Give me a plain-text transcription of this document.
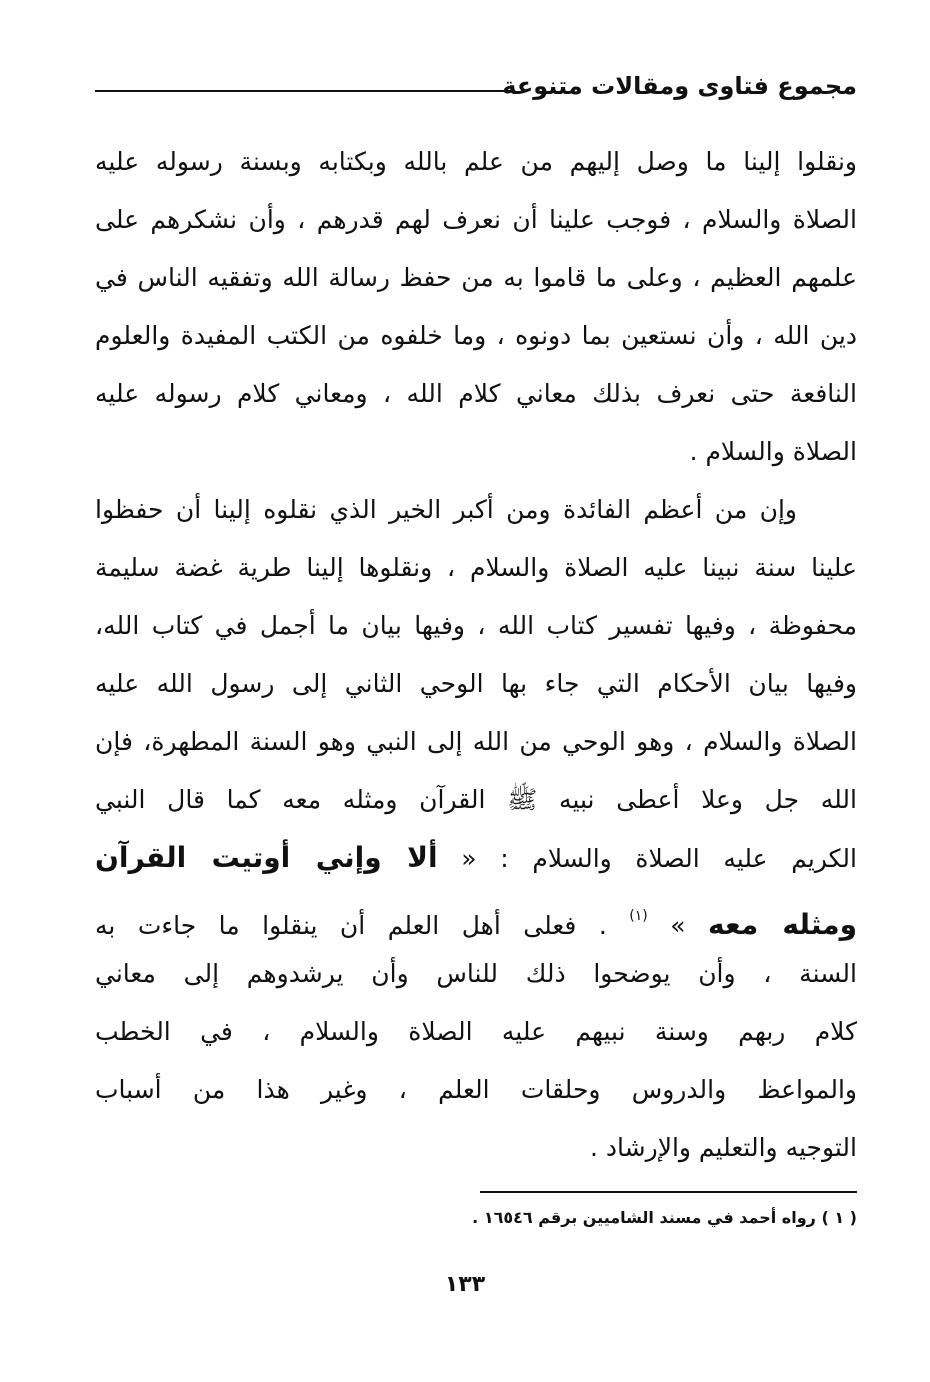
مجموع فتاوى ومقالات متنوعة
ونقلوا إلينا ما وصل إليهم من علم بالله وبكتابه وبسنة رسوله عليه
الصلاة والسلام ، فوجب علينا أن نعرف لهم قدرهم ، وأن نشكرهم على
علمهم العظيم ، وعلى ما قاموا به من حفظ رسالة الله وتفقيه الناس في
دين الله ، وأن نستعين بما دونوه ، وما خلفوه من الكتب المفيدة والعلوم
النافعة حتى نعرف بذلك معاني كلام الله ، ومعاني كلام رسوله عليه
الصلاة والسلام .
وإن من أعظم الفائدة ومن أكبر الخير الذي نقلوه إلينا أن حفظوا
علينا سنة نبينا عليه الصلاة والسلام ، ونقلوها إلينا طرية غضة سليمة
محفوظة ، وفيها تفسير كتاب الله ، وفيها بيان ما أجمل في كتاب الله،
وفيها بيان الأحكام التي جاء بها الوحي الثاني إلى رسول الله عليه
الصلاة والسلام ، وهو الوحي من الله إلى النبي وهو السنة المطهرة، فإن
الله جل وعلا أعطى نبيه ﷺ القرآن ومثله معه كما قال النبي
الكريم عليه الصلاة والسلام : « ألا وإني أوتيت القرآن
ومثله معه » $^{(١)}$ . فعلى أهل العلم أن ينقلوا ما جاءت به
السنة ، وأن يوضحوا ذلك للناس وأن يرشدوهم إلى معاني
كلام ربهم وسنة نبيهم عليه الصلاة والسلام ، في الخطب
والمواعظ والدروس وحلقات العلم ، وغير هذا من أسباب
التوجيه والتعليم والإرشاد .
( ١ ) رواه أحمد في مسند الشاميين برقم ١٦٥٤٦ .
١٣٣
